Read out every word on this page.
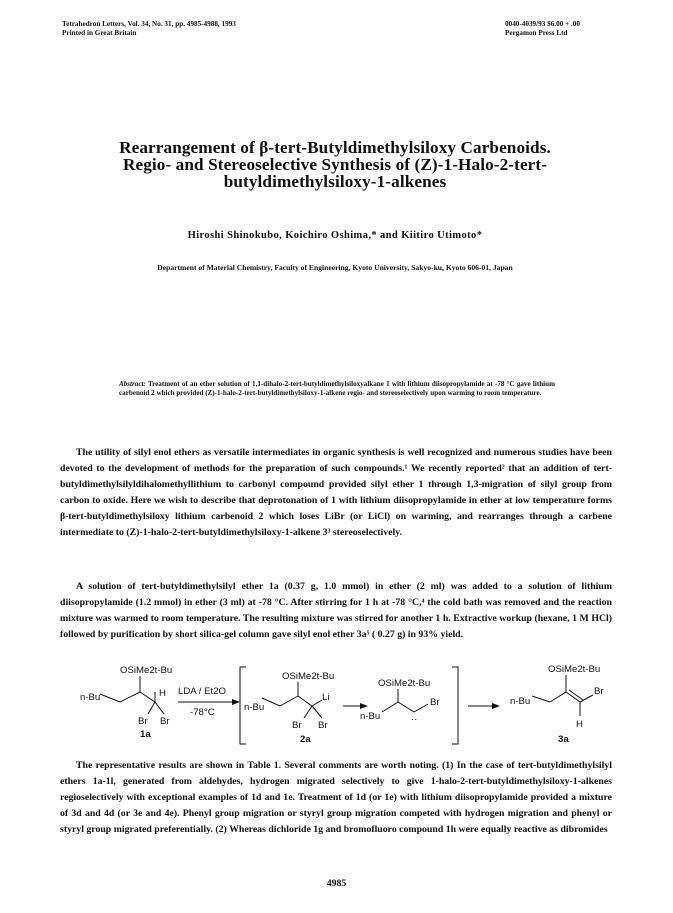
Tetrahedron Letters, Vol. 34, No. 31, pp. 4985-4988, 1993
Printed in Great Britain
0040-4039/93 $6.00 + .00
Pergamon Press Ltd
Rearrangement of β-tert-Butyldimethylsiloxy Carbenoids.
Regio- and Stereoselective Synthesis of (Z)-1-Halo-2-tert-
butyldimethylsiloxy-1-alkenes
Hiroshi Shinokubo, Koichiro Oshima,* and Kiitiro Utimoto*
Department of Material Chemistry, Faculty of Engineering, Kyoto University, Sakyo-ku, Kyoto 606-01, Japan
Abstract: Treatment of an ether solution of 1,1-dihalo-2-tert-butyldimethylsiloxyalkane 1 with lithium diisopropylamide at -78 °C gave lithium carbenoid 2 which provided (Z)-1-halo-2-tert-butyldimethylsiloxy-1-alkene regio- and stereoselectively upon warming to room temperature.

The utility of silyl enol ethers as versatile intermediates in organic synthesis is well recognized and numerous studies have been devoted to the development of methods for the preparation of such compounds.¹ We recently reported² that an addition of tert-butyldimethylsilyldihalomethyllithium to carbonyl compound provided silyl ether 1 through 1,3-migration of silyl group from carbon to oxide. Here we wish to describe that deprotonation of 1 with lithium diisopropylamide in ether at low temperature forms β-tert-butyldimethylsiloxy lithium carbenoid 2 which loses LiBr (or LiCl) on warming, and rearranges through a carbene intermediate to (Z)-1-halo-2-tert-butyldimethylsiloxy-1-alkene 3³ stereoselectively.

A solution of tert-butyldimethylsilyl ether 1a (0.37 g, 1.0 mmol) in ether (2 ml) was added to a solution of lithium diisopropylamide (1.2 mmol) in ether (3 ml) at -78 °C. After stirring for 1 h at -78 °C,⁴ the cold bath was removed and the reaction mixture was warmed to room temperature. The resulting mixture was stirred for another 1 h. Extractive workup (hexane, 1 M HCl) followed by purification by short silica-gel column gave silyl enol ether 3a⁵ ( 0.27 g) in 93% yield.

OSiMe2t-Bu
n-Bu	H
Br Br
1a
LDA / Et2O
-78°C
OSiMe2t-Bu
n-Bu
Li
Br Br
2a
OSiMe2t-Bu
n-Bu
Br
··
OSiMe2t-Bu
n-Bu
Br
H
3a

The representative results are shown in Table 1. Several comments are worth noting. (1) In the case of tert-butyldimethylsilyl ethers 1a-1l, generated from aldehydes, hydrogen migrated selectively to give 1-halo-2-tert-butyldimethylsiloxy-1-alkenes regioselectively with exceptional examples of 1d and 1e. Treatment of 1d (or 1e) with lithium diisopropylamide provided a mixture of 3d and 4d (or 3e and 4e). Phenyl group migration or styryl group migration competed with hydrogen migration and phenyl or styryl group migrated preferentially. (2) Whereas dichloride 1g and bromofluoro compound 1h were equally reactive as dibromides

4985
